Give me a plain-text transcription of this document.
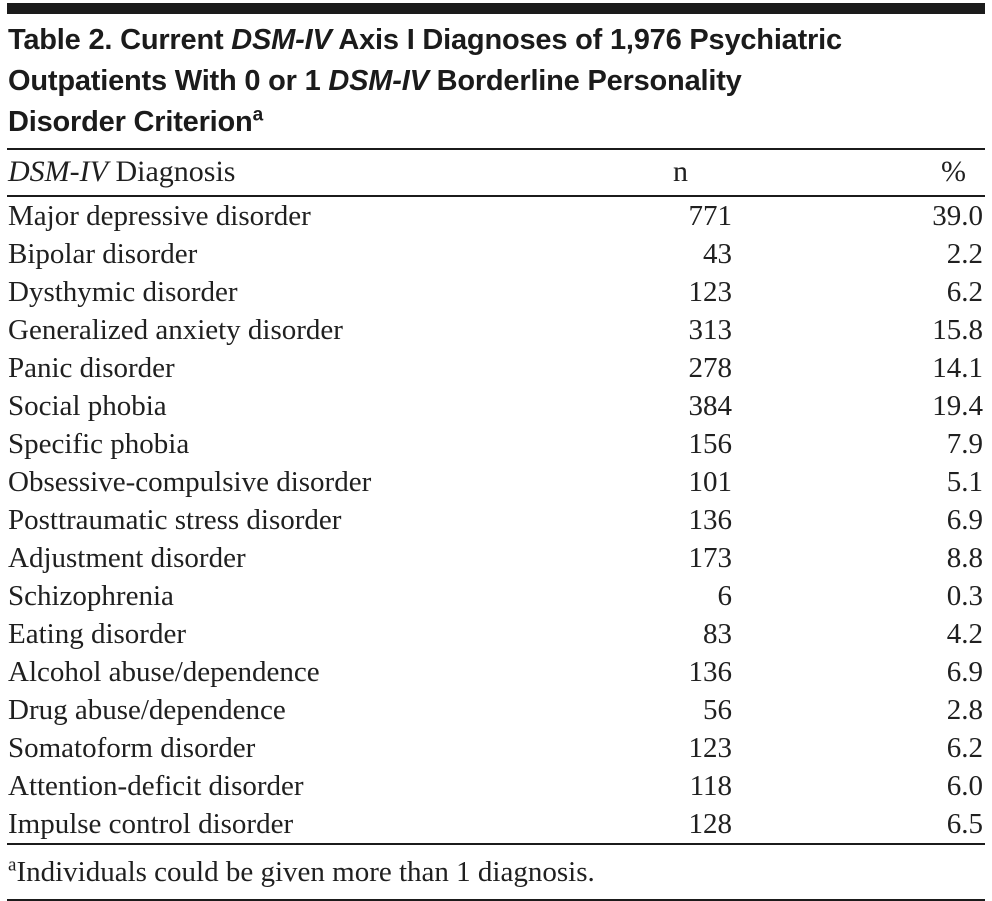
Table 2. Current DSM-IV Axis I Diagnoses of 1,976 Psychiatric
Outpatients With 0 or 1 DSM-IV Borderline Personality
Disorder Criterion$^a$
DSM-IV Diagnosis	n	%
Major depressive disorder	771	39.0
Bipolar disorder	43	2.2
Dysthymic disorder	123	6.2
Generalized anxiety disorder	313	15.8
Panic disorder	278	14.1
Social phobia	384	19.4
Specific phobia	156	7.9
Obsessive-compulsive disorder	101	5.1
Posttraumatic stress disorder	136	6.9
Adjustment disorder	173	8.8
Schizophrenia	6	0.3
Eating disorder	83	4.2
Alcohol abuse/dependence	136	6.9
Drug abuse/dependence	56	2.8
Somatoform disorder	123	6.2
Attention-deficit disorder	118	6.0
Impulse control disorder	128	6.5
$^a$Individuals could be given more than 1 diagnosis.
